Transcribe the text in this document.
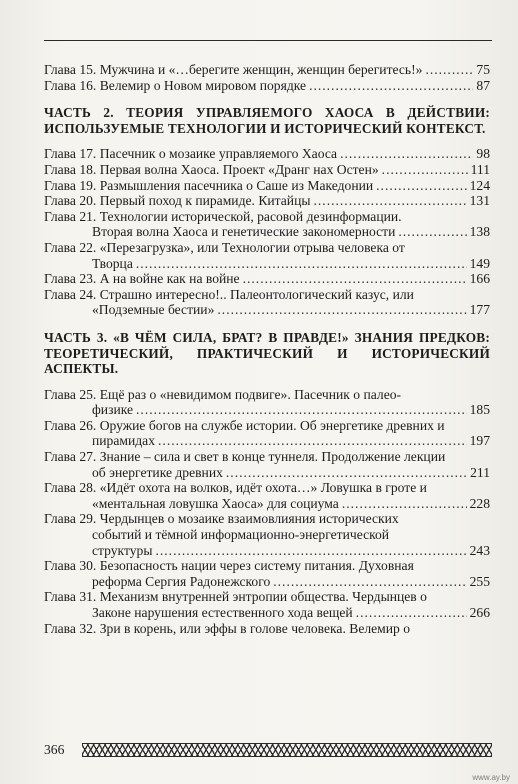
Глава 15. Мужчина и «…берегите женщин, женщин берегитесь!» .....	75
Глава 16. Велемир о Новом мировом порядке .....	87
ЧАСТЬ 2. ТЕОРИЯ УПРАВЛЯЕМОГО ХАОСА В ДЕЙСТВИИ: ИСПОЛЬЗУЕМЫЕ ТЕХНОЛОГИИ И ИСТОРИЧЕСКИЙ КОНТЕКСТ.
Глава 17. Пасечник о мозаике управляемого Хаоса .....	98
Глава 18. Первая волна Хаоса. Проект «Дранг нах Остен» .....	111
Глава 19. Размышления пасечника о Саше из Македонии .....	124
Глава 20. Первый поход к пирамиде. Китайцы .....	131
Глава 21. Технологии исторической, расовой дезинформации.
Вторая волна Хаоса и генетические закономерности .....	138
Глава 22. «Перезагрузка», или Технологии отрыва человека от
Творца .....	149
Глава 23. А на войне как на войне .....	166
Глава 24. Страшно интересно!.. Палеонтологический казус, или
«Подземные бестии» .....	177
ЧАСТЬ 3. «В ЧЁМ СИЛА, БРАТ? В ПРАВДЕ!» ЗНАНИЯ ПРЕДКОВ: ТЕОРЕТИЧЕСКИЙ, ПРАКТИЧЕСКИЙ И ИСТОРИЧЕСКИЙ АСПЕКТЫ.
Глава 25. Ещё раз о «невидимом подвиге». Пасечник о палео-
физике .....	185
Глава 26. Оружие богов на службе истории. Об энергетике древних и
пирамидах .....	197
Глава 27. Знание – сила и свет в конце туннеля. Продолжение лекции
об энергетике древних .....	211
Глава 28. «Идёт охота на волков, идёт охота…» Ловушка в гроте и
«ментальная ловушка Хаоса» для социума .....	228
Глава 29. Чердынцев о мозаике взаимовлияния исторических
событий и тёмной информационно-энергетической
структуры .....	243
Глава 30. Безопасность нации через систему питания. Духовная
реформа Сергия Радонежского .....	255
Глава 31. Механизм внутренней энтропии общества. Чердынцев о
Законе нарушения естественного хода вещей .....	266
Глава 32. Зри в корень, или эффы в голове человека. Велемир о
366
www.ay.by
